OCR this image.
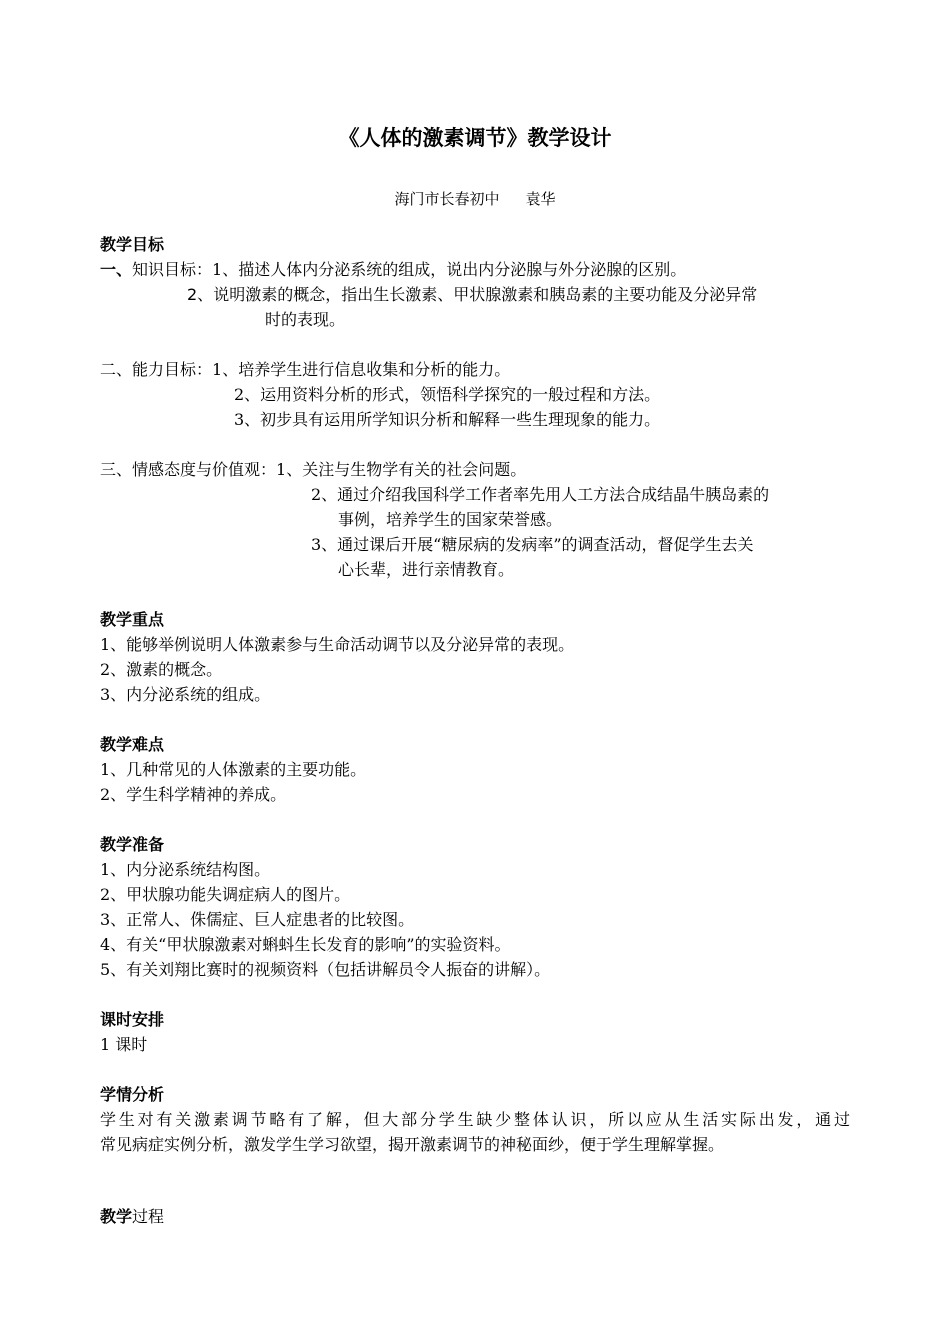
《人体的激素调节》教学设计
海门市长春初中 袁华
教学目标
一、知识目标：1、描述人体内分泌系统的组成，说出内分泌腺与外分泌腺的区别。
2、说明激素的概念，指出生长激素、甲状腺激素和胰岛素的主要功能及分泌异常
时的表现。
二、能力目标：1、培养学生进行信息收集和分析的能力。
2、运用资料分析的形式，领悟科学探究的一般过程和方法。
3、初步具有运用所学知识分析和解释一些生理现象的能力。
三、情感态度与价值观：1、关注与生物学有关的社会问题。
2、通过介绍我国科学工作者率先用人工方法合成结晶牛胰岛素的
事例，培养学生的国家荣誉感。
3、通过课后开展“糖尿病的发病率”的调查活动，督促学生去关
心长辈，进行亲情教育。
教学重点
1、能够举例说明人体激素参与生命活动调节以及分泌异常的表现。
2、激素的概念。
3、内分泌系统的组成。
教学难点
1、几种常见的人体激素的主要功能。
2、学生科学精神的养成。
教学准备
1、内分泌系统结构图。
2、甲状腺功能失调症病人的图片。
3、正常人、侏儒症、巨人症患者的比较图。
4、有关“甲状腺激素对蝌蚪生长发育的影响”的实验资料。
5、有关刘翔比赛时的视频资料（包括讲解员令人振奋的讲解）。
课时安排
1 课时
学情分析
学生对有关激素调节略有了解，但大部分学生缺少整体认识，所以应从生活实际出发，通过
常见病症实例分析，激发学生学习欲望，揭开激素调节的神秘面纱，便于学生理解掌握。
教学过程
